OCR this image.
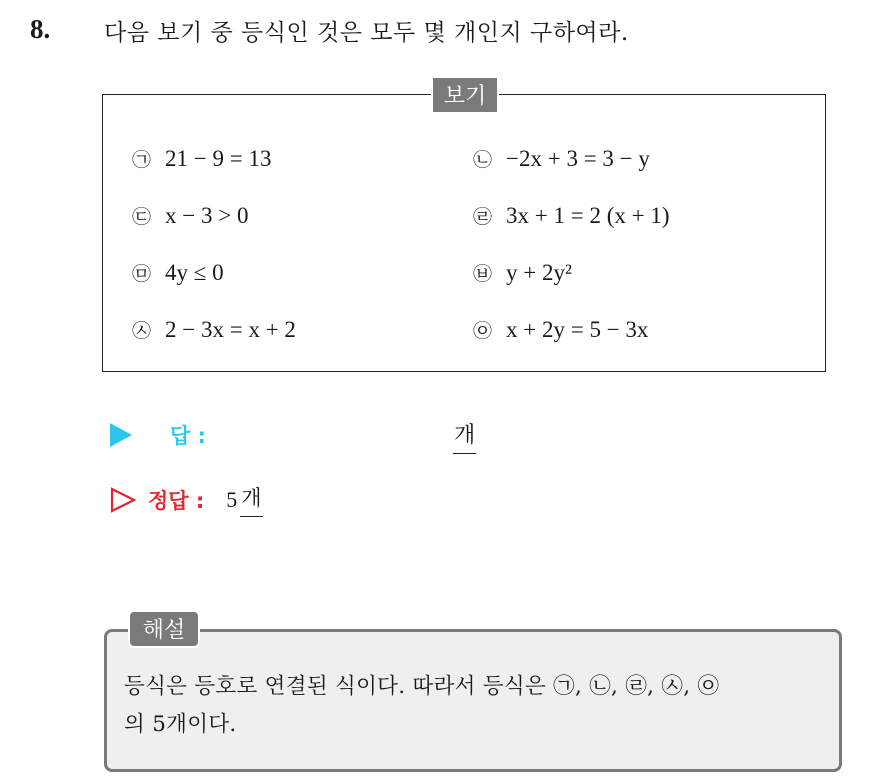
8. 다음 보기 중 등식인 것은 모두 몇 개인지 구하여라.
보기
㉠ 21 − 9 = 13	㉡ −2x + 3 = 3 − y
㉢ x − 3 > 0	㉣ 3x + 1 = 2 (x + 1)
㉤ 4y ≤ 0	㉥ y + 2y²
㉦ 2 − 3x = x + 2	㉧ x + 2y = 5 − 3x
답 :	개
정답 : 5 개
해설
등식은 등호로 연결된 식이다. 따라서 등식은 ㉠, ㉡, ㉣, ㉦, ㉧
의 5개이다.
